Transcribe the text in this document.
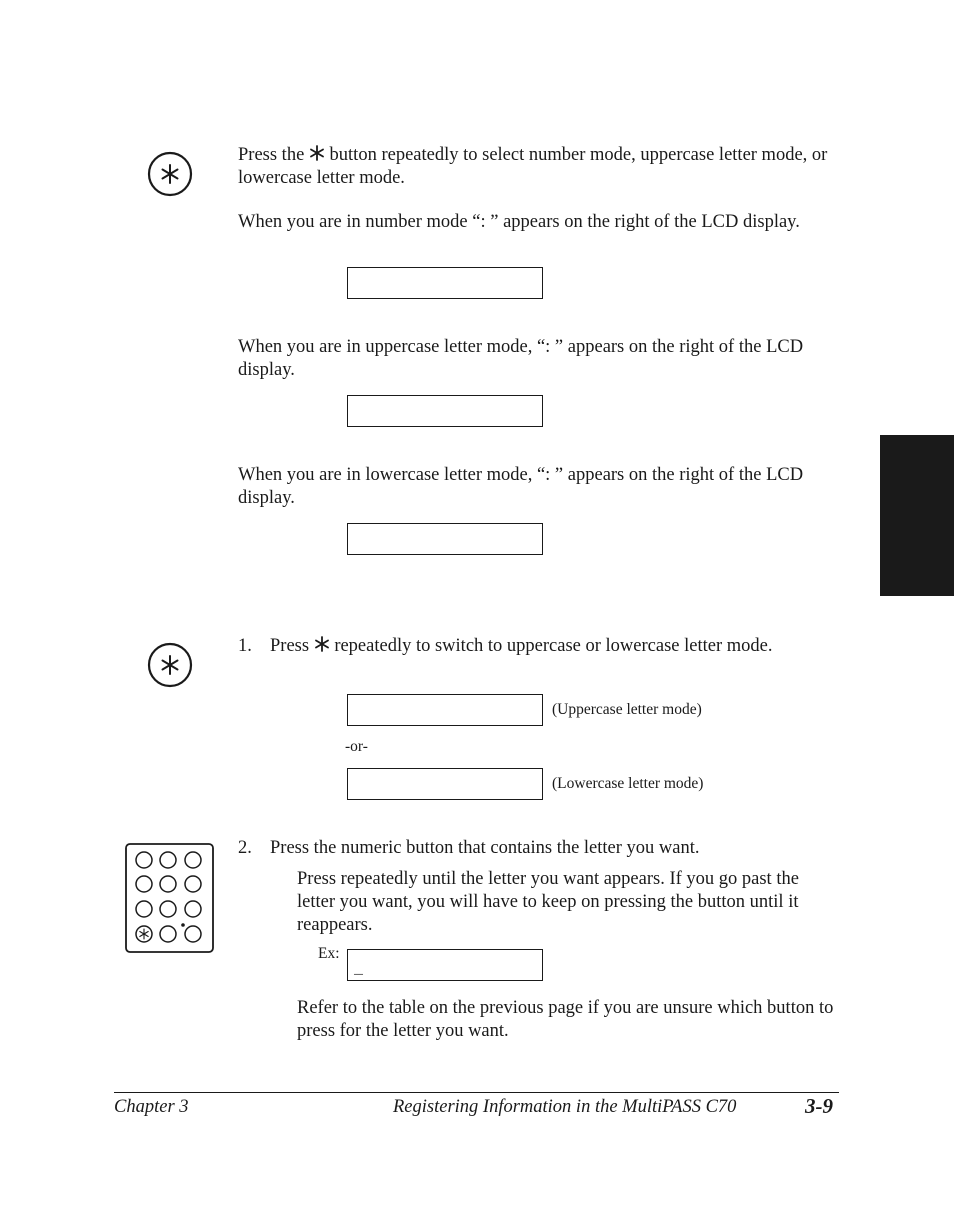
Press the  button repeatedly to select number mode, uppercase letter mode, or lowercase letter mode.
When you are in number mode “: ” appears on the right of the LCD display.
When you are in uppercase letter mode, “: ” appears on the right of the LCD display.
When you are in lowercase letter mode, “: ” appears on the right of the LCD display.
1. Press  repeatedly to switch to uppercase or lowercase letter mode.
(Uppercase letter mode)
-or-
(Lowercase letter mode)
2. Press the numeric button that contains the letter you want.
Press repeatedly until the letter you want appears. If you go past the letter you want, you will have to keep on pressing the button until it reappears.
Ex:
_
Refer to the table on the previous page if you are unsure which button to press for the letter you want.
Chapter 3	Registering Information in the MultiPASS C70	3-9
